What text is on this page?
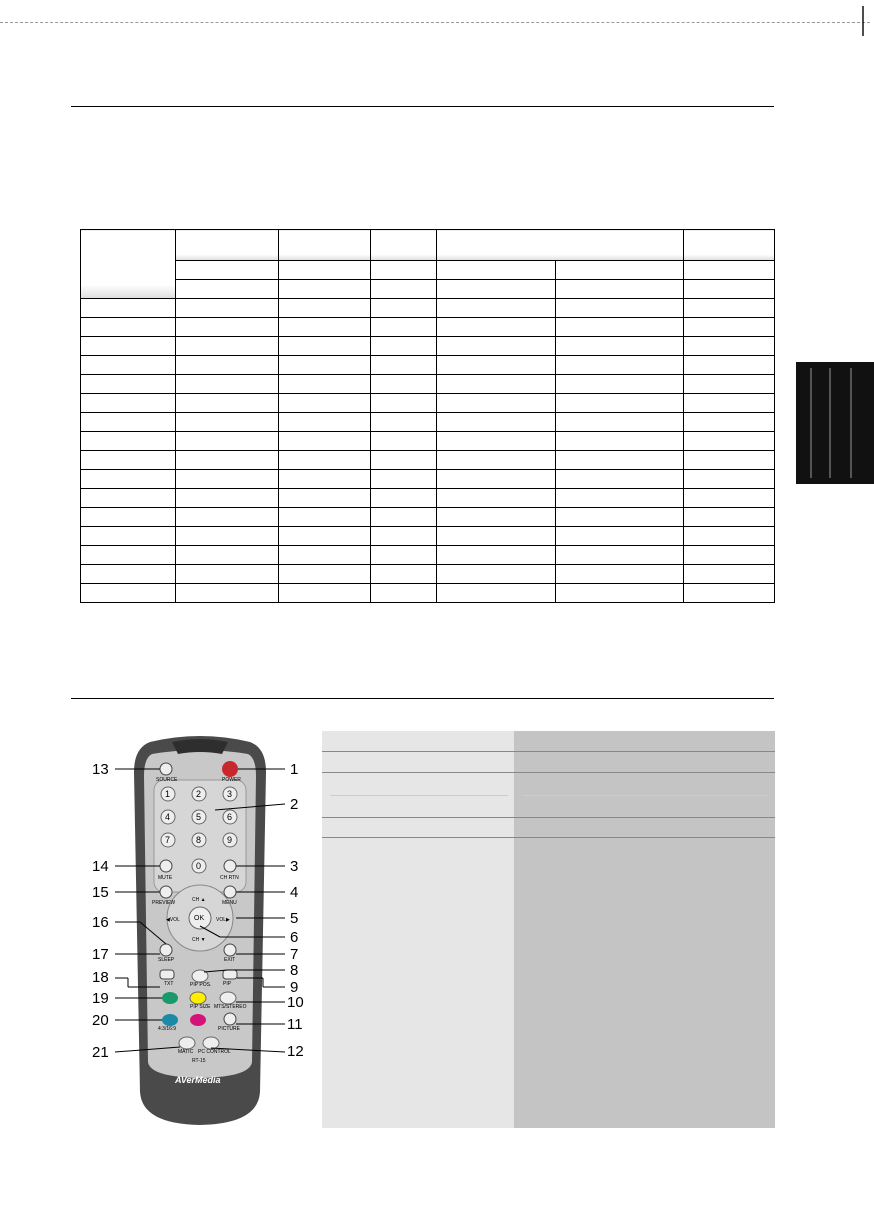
SOURCE	POWER
MUTE	CH RTN
PREVIEW	MENU
CH ▲
CH ▼
◀VOL	VOL▶
OK
SLEEP	EXIT
TXT	PIP POS. PIP
PIP SIZE MTS/STEREO
4:3/16:9	PICTURE
MATIC PC CONTROL
RT-15
AVerMedia
1	2	3
4	5	6
7	8	9
0
1
2
3
4
5
6
7
8
9
10
11
12
13
14
15
16
17
18
19
20
21
